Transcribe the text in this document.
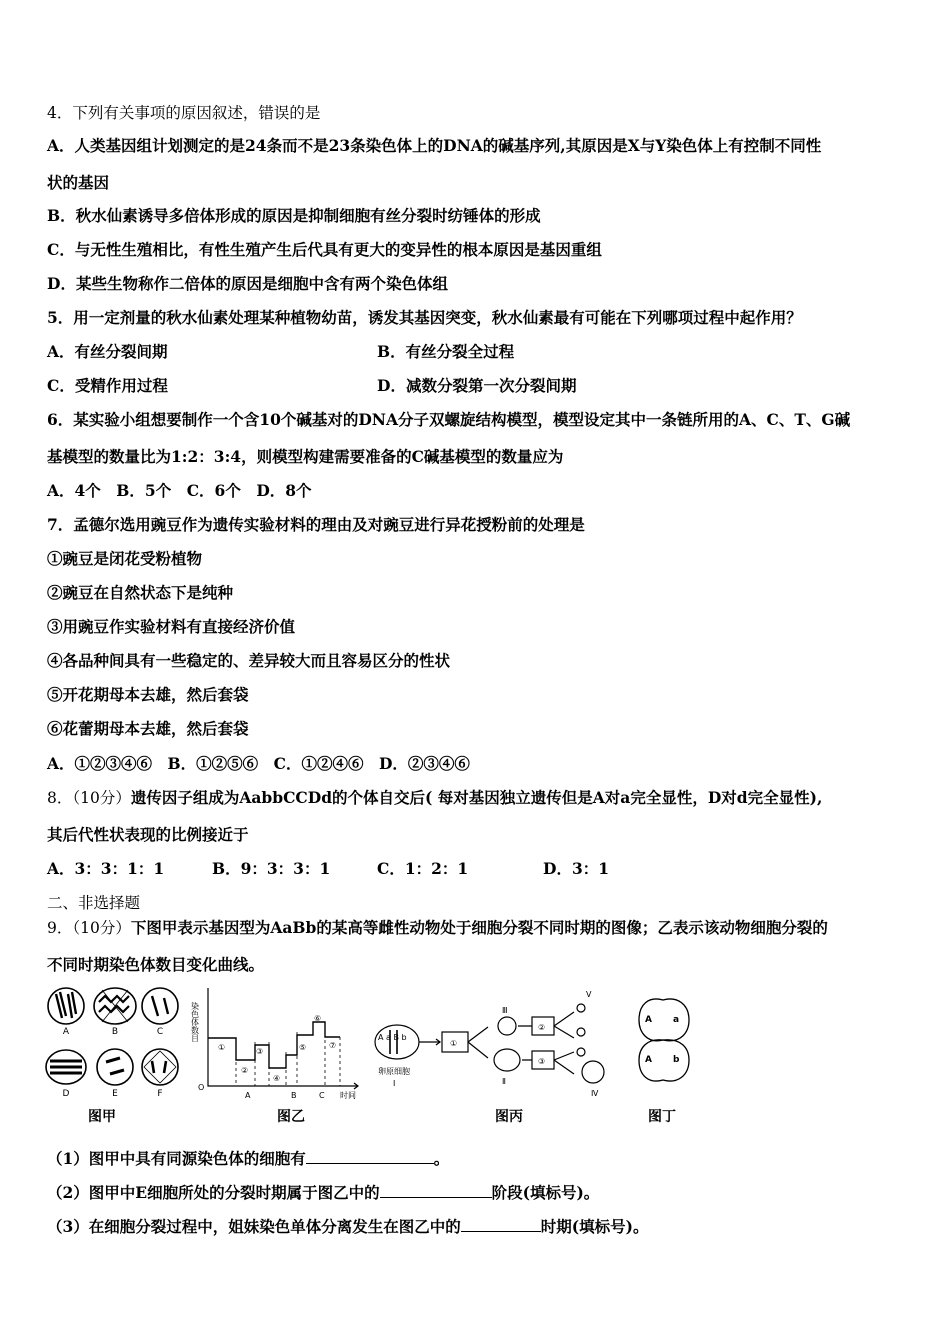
4．下列有关事项的原因叙述，错误的是
A．人类基因组计划测定的是24条而不是23条染色体上的DNA的碱基序列,其原因是X与Y染色体上有控制不同性
状的基因
B．秋水仙素诱导多倍体形成的原因是抑制细胞有丝分裂时纺锤体的形成
C．与无性生殖相比，有性生殖产生后代具有更大的变异性的根本原因是基因重组
D．某些生物称作二倍体的原因是细胞中含有两个染色体组
5．用一定剂量的秋水仙素处理某种植物幼苗，诱发其基因突变，秋水仙素最有可能在下列哪项过程中起作用？
A．有丝分裂间期	B．有丝分裂全过程
C．受精作用过程	D．减数分裂第一次分裂间期
6．某实验小组想要制作一个含10个碱基对的DNA分子双螺旋结构模型，模型设定其中一条链所用的A、C、T、G碱
基模型的数量比为1:2：3:4，则模型构建需要准备的C碱基模型的数量应为
A．4个　B．5个　C．6个　D．8个
7．孟德尔选用豌豆作为遗传实验材料的理由及对豌豆进行异花授粉前的处理是
①豌豆是闭花受粉植物
②豌豆在自然状态下是纯种
③用豌豆作实验材料有直接经济价值
④各品种间具有一些稳定的、差异较大而且容易区分的性状
⑤开花期母本去雄，然后套袋
⑥花蕾期母本去雄，然后套袋
A．①②③④⑥　B．①②⑤⑥　C．①②④⑥　D．②③④⑥
8．（10分）遗传因子组成为AabbCCDd的个体自交后( 每对基因独立遗传但是A对a完全显性，D对d完全显性),
其后代性状表现的比例接近于
A．3：3：1：1	B．9：3：3：1	C．1：2：1	D．3：1
二、非选择题
9．（10分）下图甲表示基因型为AaBb的某高等雌性动物处于细胞分裂不同时期的图像；乙表示该动物细胞分裂的
不同时期染色体数目变化曲线。
A	B	C
D	E	F
染色体数目
O
时间
A	B	C
①
②
③
④
⑤
⑥
⑦
A a B b
卵原细胞
Ⅰ	Ⅱ
Ⅲ
Ⅳ
Ⅴ
①
②
③
A a
A b
图甲	图乙	图丙	图丁
（1）图甲中具有同源染色体的细胞有	。
（2）图甲中E细胞所处的分裂时期属于图乙中的	阶段(填标号)。
（3）在细胞分裂过程中，姐妹染色单体分离发生在图乙中的	时期(填标号)。
